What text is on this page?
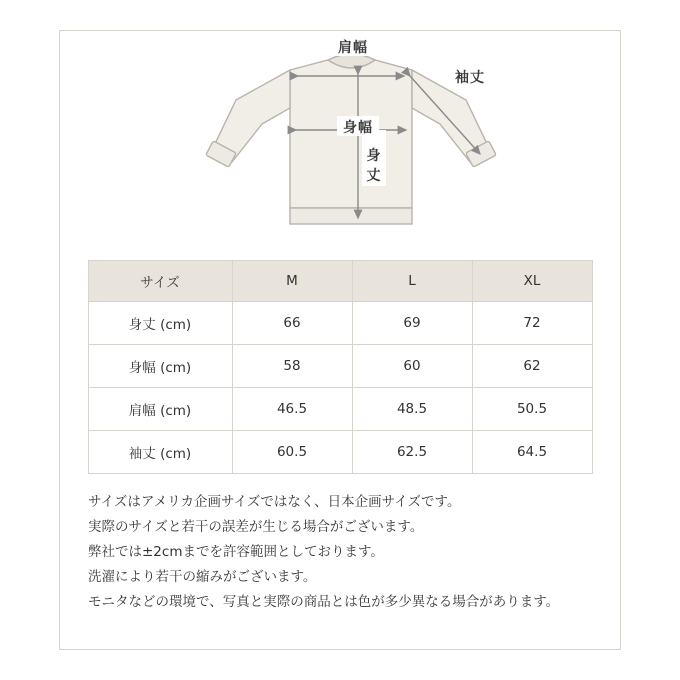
肩幅
身幅
身
丈
袖丈
サイズ	M	L	XL
身丈 (cm)	66	69	72
身幅 (cm)	58	60	62
肩幅 (cm)	46.5	48.5	50.5
袖丈 (cm)	60.5	62.5	64.5
サイズはアメリカ企画サイズではなく、日本企画サイズです。
実際のサイズと若干の誤差が生じる場合がございます。
弊社では±2cmまでを許容範囲としております。
洗濯により若干の縮みがございます。
モニタなどの環境で、写真と実際の商品とは色が多少異なる場合があります。
